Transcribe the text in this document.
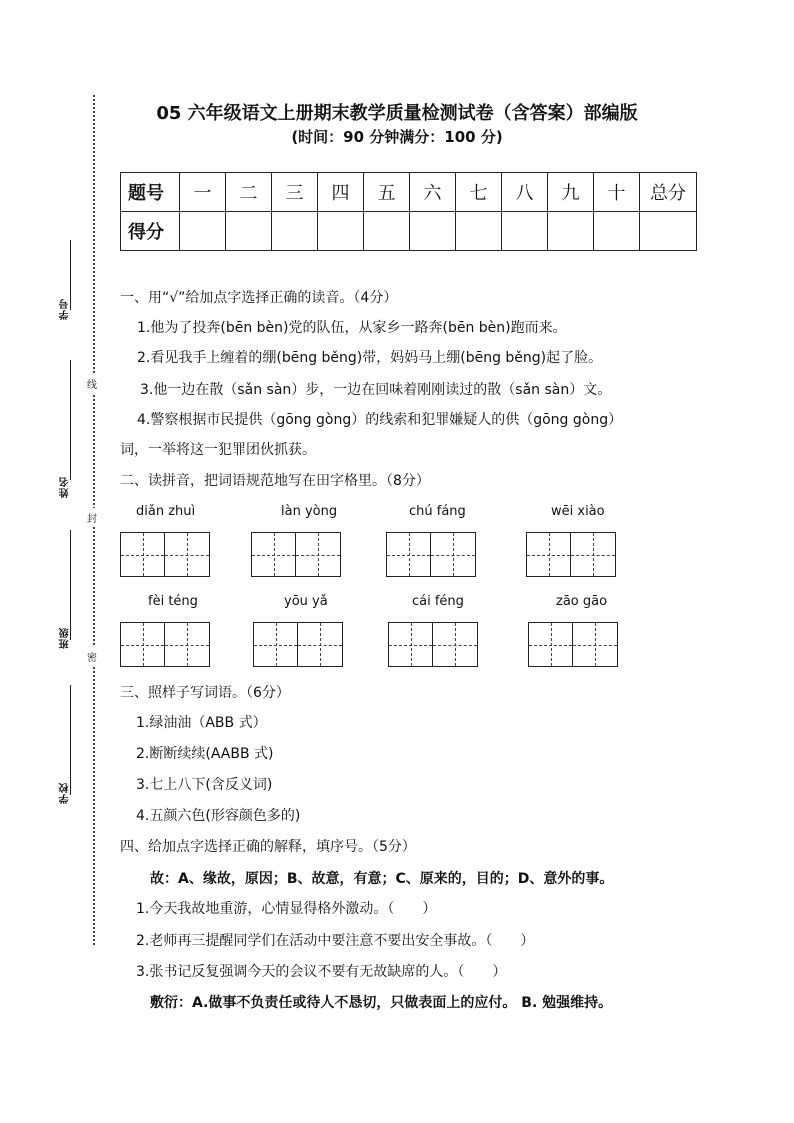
学号
姓名
班级
学校
线
封
密
05 六年级语文上册期末教学质量检测试卷（含答案）部编版
(时间：90 分钟满分：100 分)
题号	一	二	三	四	五	六	七	八	九	十	总分
得分											
一、用“√”给加点字选择正确的读音。（4分）
1.他为了投奔(bēn bèn)党的队伍，从家乡一路奔(bēn bèn)跑而来。
2.看见我手上缠着的绷(bēng běng)带，妈妈马上绷(bēng běng)起了脸。
3.他一边在散（sǎn sàn）步，一边在回味着刚刚读过的散（sǎn sàn）文。
4.警察根据市民提供（gōng gòng）的线索和犯罪嫌疑人的供（gōng gòng）
词，一举将这一犯罪团伙抓获。
二、读拼音，把词语规范地写在田字格里。（8分）
diǎn zhuì	làn yòng	chú fáng	wēi xiào
fèi téng	yōu yǎ	cái féng	zāo gāo
三、照样子写词语。（6分）
1.绿油油（ABB 式）
2.断断续续(AABB 式)
3.七上八下(含反义词)
4.五颜六色(形容颜色多的)
四、给加点字选择正确的解释，填序号。（5分）
故：A、缘故，原因；B、故意，有意；C、原来的，目的；D、意外的事。
1.今天我故地重游，心情显得格外激动。（ ）
2.老师再三提醒同学们在活动中要注意不要出安全事故。（ ）
3.张书记反复强调今天的会议不要有无故缺席的人。（ ）
敷衍：A.做事不负责任或待人不恳切，只做表面上的应付。 B. 勉强维持。
